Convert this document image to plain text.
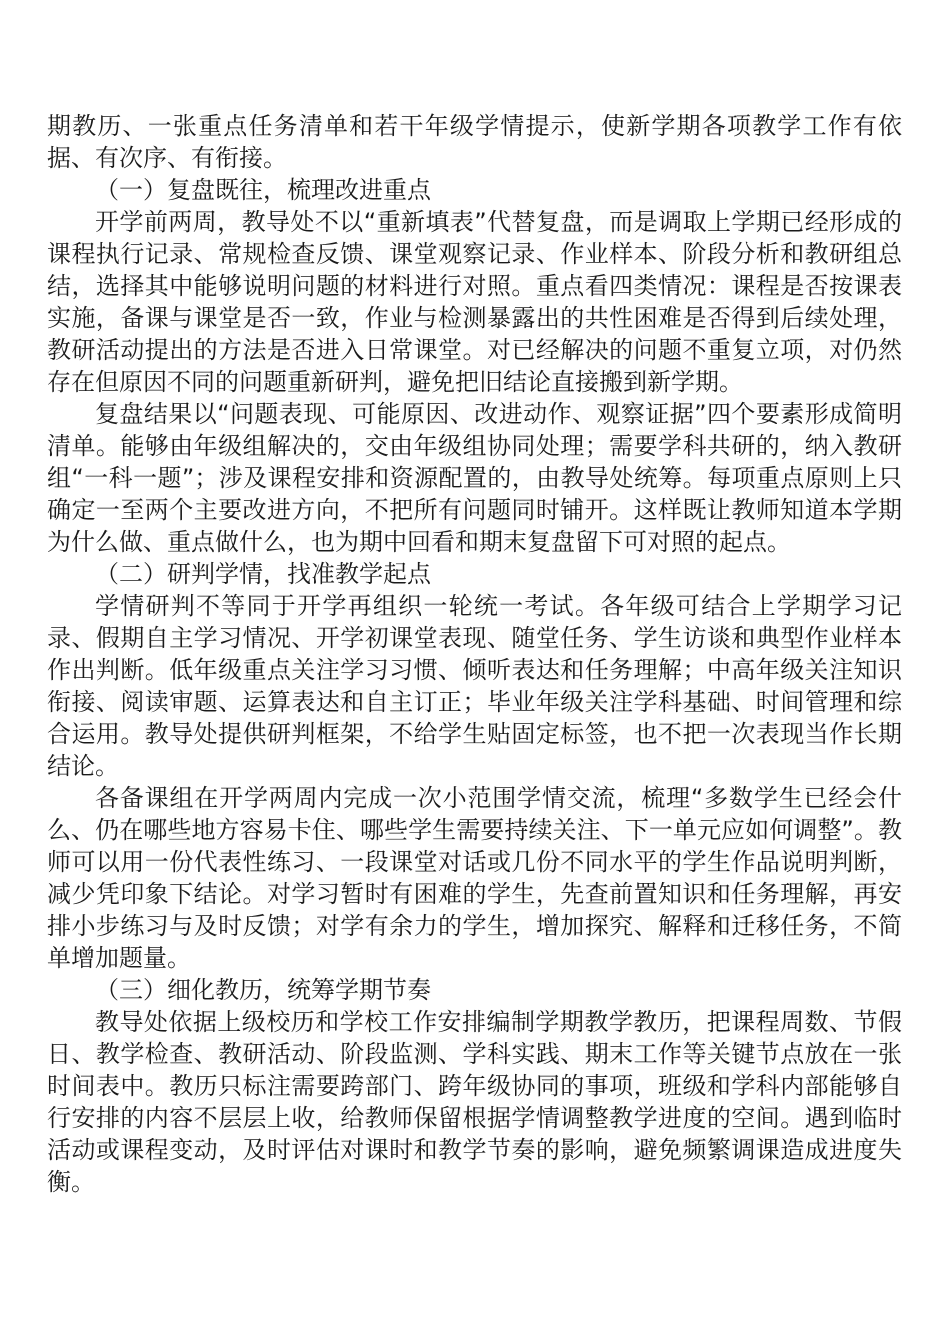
期教历、一张重点任务清单和若干年级学情提示，使新学期各项教学工作有依据、有次序、有衔接。

（一）复盘既往，梳理改进重点

开学前两周，教导处不以“重新填表”代替复盘，而是调取上学期已经形成的课程执行记录、常规检查反馈、课堂观察记录、作业样本、阶段分析和教研组总结，选择其中能够说明问题的材料进行对照。重点看四类情况：课程是否按课表实施，备课与课堂是否一致，作业与检测暴露出的共性困难是否得到后续处理，教研活动提出的方法是否进入日常课堂。对已经解决的问题不重复立项，对仍然存在但原因不同的问题重新研判，避免把旧结论直接搬到新学期。

复盘结果以“问题表现、可能原因、改进动作、观察证据”四个要素形成简明清单。能够由年级组解决的，交由年级组协同处理；需要学科共研的，纳入教研组“一科一题”；涉及课程安排和资源配置的，由教导处统筹。每项重点原则上只确定一至两个主要改进方向，不把所有问题同时铺开。这样既让教师知道本学期为什么做、重点做什么，也为期中回看和期末复盘留下可对照的起点。

（二）研判学情，找准教学起点

学情研判不等同于开学再组织一轮统一考试。各年级可结合上学期学习记录、假期自主学习情况、开学初课堂表现、随堂任务、学生访谈和典型作业样本作出判断。低年级重点关注学习习惯、倾听表达和任务理解；中高年级关注知识衔接、阅读审题、运算表达和自主订正；毕业年级关注学科基础、时间管理和综合运用。教导处提供研判框架，不给学生贴固定标签，也不把一次表现当作长期结论。

各备课组在开学两周内完成一次小范围学情交流，梳理“多数学生已经会什么、仍在哪些地方容易卡住、哪些学生需要持续关注、下一单元应如何调整”。教师可以用一份代表性练习、一段课堂对话或几份不同水平的学生作品说明判断，减少凭印象下结论。对学习暂时有困难的学生，先查前置知识和任务理解，再安排小步练习与及时反馈；对学有余力的学生，增加探究、解释和迁移任务，不简单增加题量。

（三）细化教历，统筹学期节奏

教导处依据上级校历和学校工作安排编制学期教学教历，把课程周数、节假日、教学检查、教研活动、阶段监测、学科实践、期末工作等关键节点放在一张时间表中。教历只标注需要跨部门、跨年级协同的事项，班级和学科内部能够自行安排的内容不层层上收，给教师保留根据学情调整教学进度的空间。遇到临时活动或课程变动，及时评估对课时和教学节奏的影响，避免频繁调课造成进度失衡。
